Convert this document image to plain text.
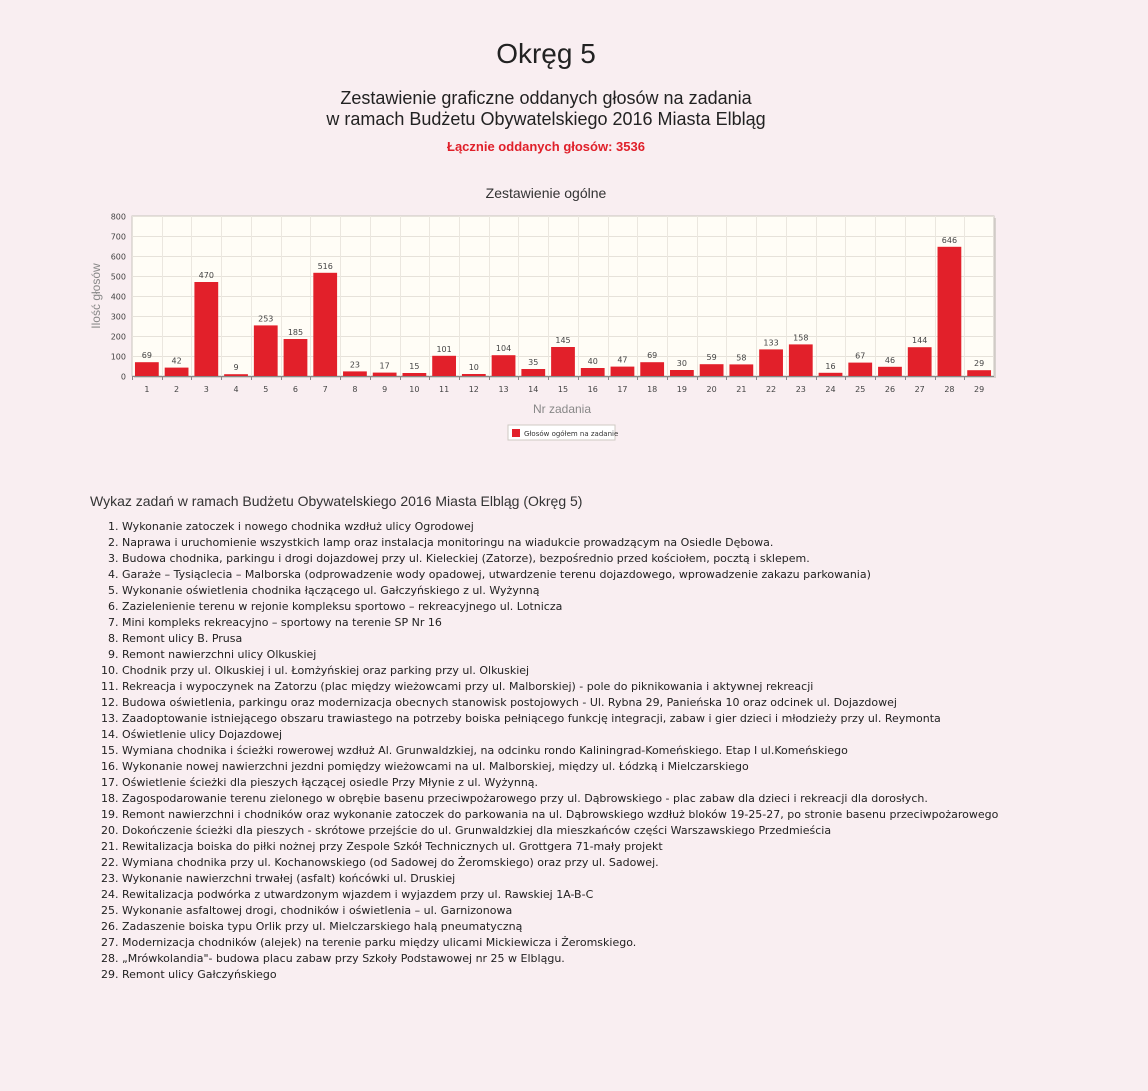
Okręg 5
Zestawienie graficzne oddanych głosów na zadania
w ramach Budżetu Obywatelskiego 2016 Miasta Elbląg
Łącznie oddanych głosów: 3536
Zestawienie ogólne
0
100
200
300
400
500
600
700
800
69
1
42
2
470
3
9
4
253
5
185
6
516
7
23
8
17
9
15
10
101
11
10
12
104
13
35
14
145
15
40
16
47
17
69
18
30
19
59
20
58
21
133
22
158
23
16
24
67
25
46
26
144
27
646
28
29
29
Nr zadania
Ilość głosów
Głosów ogółem na zadanie
Wykaz zadań w ramach Budżetu Obywatelskiego 2016 Miasta Elbląg (Okręg 5)
1. Wykonanie zatoczek i nowego chodnika wzdłuż ulicy Ogrodowej
2. Naprawa i uruchomienie wszystkich lamp oraz instalacja monitoringu na wiadukcie prowadzącym na Osiedle Dębowa.
3. Budowa chodnika, parkingu i drogi dojazdowej przy ul. Kieleckiej (Zatorze), bezpośrednio przed kościołem, pocztą i sklepem.
4. Garaże – Tysiąclecia – Malborska (odprowadzenie wody opadowej, utwardzenie terenu dojazdowego, wprowadzenie zakazu parkowania)
5. Wykonanie oświetlenia chodnika łączącego ul. Gałczyńskiego z ul. Wyżynną
6. Zazielenienie terenu w rejonie kompleksu sportowo – rekreacyjnego ul. Lotnicza
7. Mini kompleks rekreacyjno – sportowy na terenie SP Nr 16
8. Remont ulicy B. Prusa
9. Remont nawierzchni ulicy Olkuskiej
10. Chodnik przy ul. Olkuskiej i ul. Łomżyńskiej oraz parking przy ul. Olkuskiej
11. Rekreacja i wypoczynek na Zatorzu (plac między wieżowcami przy ul. Malborskiej) - pole do piknikowania i aktywnej rekreacji
12. Budowa oświetlenia, parkingu oraz modernizacja obecnych stanowisk postojowych - Ul. Rybna 29, Panieńska 10 oraz odcinek ul. Dojazdowej
13. Zaadoptowanie istniejącego obszaru trawiastego na potrzeby boiska pełniącego funkcję integracji, zabaw i gier dzieci i młodzieży przy ul. Reymonta
14. Oświetlenie ulicy Dojazdowej
15. Wymiana chodnika i ścieżki rowerowej wzdłuż Al. Grunwaldzkiej, na odcinku rondo Kaliningrad-Komeńskiego. Etap I ul.Komeńskiego
16. Wykonanie nowej nawierzchni jezdni pomiędzy wieżowcami na ul. Malborskiej, między ul. Łódzką i Mielczarskiego
17. Oświetlenie ścieżki dla pieszych łączącej osiedle Przy Młynie z ul. Wyżynną.
18. Zagospodarowanie terenu zielonego w obrębie basenu przeciwpożarowego przy ul. Dąbrowskiego - plac zabaw dla dzieci i rekreacji dla dorosłych.
19. Remont nawierzchni i chodników oraz wykonanie zatoczek do parkowania na ul. Dąbrowskiego wzdłuż bloków 19-25-27, po stronie basenu przeciwpożarowego
20. Dokończenie ścieżki dla pieszych - skrótowe przejście do ul. Grunwaldzkiej dla mieszkańców części Warszawskiego Przedmieścia
21. Rewitalizacja boiska do piłki nożnej przy Zespole Szkół Technicznych ul. Grottgera 71-mały projekt
22. Wymiana chodnika przy ul. Kochanowskiego (od Sadowej do Żeromskiego) oraz przy ul. Sadowej.
23. Wykonanie nawierzchni trwałej (asfalt) końcówki ul. Druskiej
24. Rewitalizacja podwórka z utwardzonym wjazdem i wyjazdem przy ul. Rawskiej 1A-B-C
25. Wykonanie asfaltowej drogi, chodników i oświetlenia – ul. Garnizonowa
26. Zadaszenie boiska typu Orlik przy ul. Mielczarskiego halą pneumatyczną
27. Modernizacja chodników (alejek) na terenie parku między ulicami Mickiewicza i Żeromskiego.
28. „Mrówkolandia"- budowa placu zabaw przy Szkoły Podstawowej nr 25 w Elblągu.
29. Remont ulicy Gałczyńskiego
